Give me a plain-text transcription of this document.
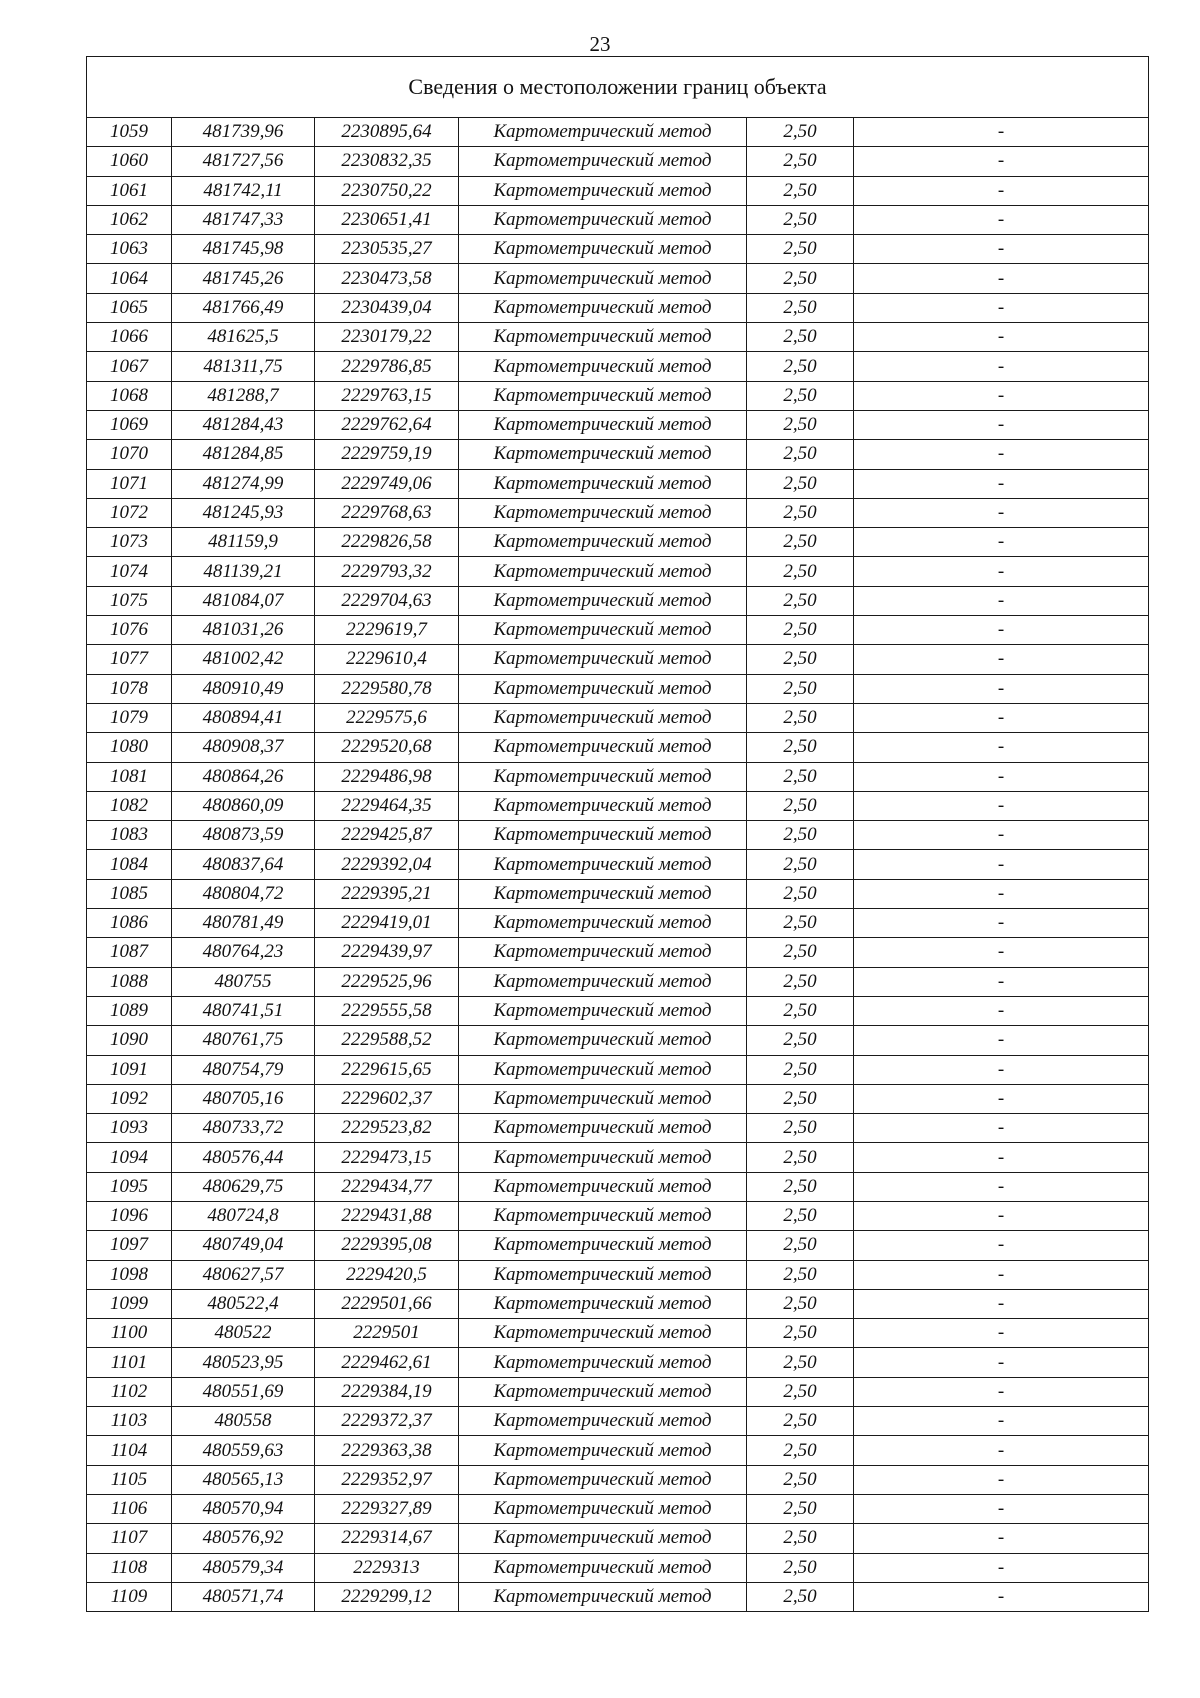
23
Сведения о местоположении границ объекта					
1059	481739,96	2230895,64	Картометрический метод	2,50	-
1060	481727,56	2230832,35	Картометрический метод	2,50	-
1061	481742,11	2230750,22	Картометрический метод	2,50	-
1062	481747,33	2230651,41	Картометрический метод	2,50	-
1063	481745,98	2230535,27	Картометрический метод	2,50	-
1064	481745,26	2230473,58	Картометрический метод	2,50	-
1065	481766,49	2230439,04	Картометрический метод	2,50	-
1066	481625,5	2230179,22	Картометрический метод	2,50	-
1067	481311,75	2229786,85	Картометрический метод	2,50	-
1068	481288,7	2229763,15	Картометрический метод	2,50	-
1069	481284,43	2229762,64	Картометрический метод	2,50	-
1070	481284,85	2229759,19	Картометрический метод	2,50	-
1071	481274,99	2229749,06	Картометрический метод	2,50	-
1072	481245,93	2229768,63	Картометрический метод	2,50	-
1073	481159,9	2229826,58	Картометрический метод	2,50	-
1074	481139,21	2229793,32	Картометрический метод	2,50	-
1075	481084,07	2229704,63	Картометрический метод	2,50	-
1076	481031,26	2229619,7	Картометрический метод	2,50	-
1077	481002,42	2229610,4	Картометрический метод	2,50	-
1078	480910,49	2229580,78	Картометрический метод	2,50	-
1079	480894,41	2229575,6	Картометрический метод	2,50	-
1080	480908,37	2229520,68	Картометрический метод	2,50	-
1081	480864,26	2229486,98	Картометрический метод	2,50	-
1082	480860,09	2229464,35	Картометрический метод	2,50	-
1083	480873,59	2229425,87	Картометрический метод	2,50	-
1084	480837,64	2229392,04	Картометрический метод	2,50	-
1085	480804,72	2229395,21	Картометрический метод	2,50	-
1086	480781,49	2229419,01	Картометрический метод	2,50	-
1087	480764,23	2229439,97	Картометрический метод	2,50	-
1088	480755	2229525,96	Картометрический метод	2,50	-
1089	480741,51	2229555,58	Картометрический метод	2,50	-
1090	480761,75	2229588,52	Картометрический метод	2,50	-
1091	480754,79	2229615,65	Картометрический метод	2,50	-
1092	480705,16	2229602,37	Картометрический метод	2,50	-
1093	480733,72	2229523,82	Картометрический метод	2,50	-
1094	480576,44	2229473,15	Картометрический метод	2,50	-
1095	480629,75	2229434,77	Картометрический метод	2,50	-
1096	480724,8	2229431,88	Картометрический метод	2,50	-
1097	480749,04	2229395,08	Картометрический метод	2,50	-
1098	480627,57	2229420,5	Картометрический метод	2,50	-
1099	480522,4	2229501,66	Картометрический метод	2,50	-
1100	480522	2229501	Картометрический метод	2,50	-
1101	480523,95	2229462,61	Картометрический метод	2,50	-
1102	480551,69	2229384,19	Картометрический метод	2,50	-
1103	480558	2229372,37	Картометрический метод	2,50	-
1104	480559,63	2229363,38	Картометрический метод	2,50	-
1105	480565,13	2229352,97	Картометрический метод	2,50	-
1106	480570,94	2229327,89	Картометрический метод	2,50	-
1107	480576,92	2229314,67	Картометрический метод	2,50	-
1108	480579,34	2229313	Картометрический метод	2,50	-
1109	480571,74	2229299,12	Картометрический метод	2,50	-
